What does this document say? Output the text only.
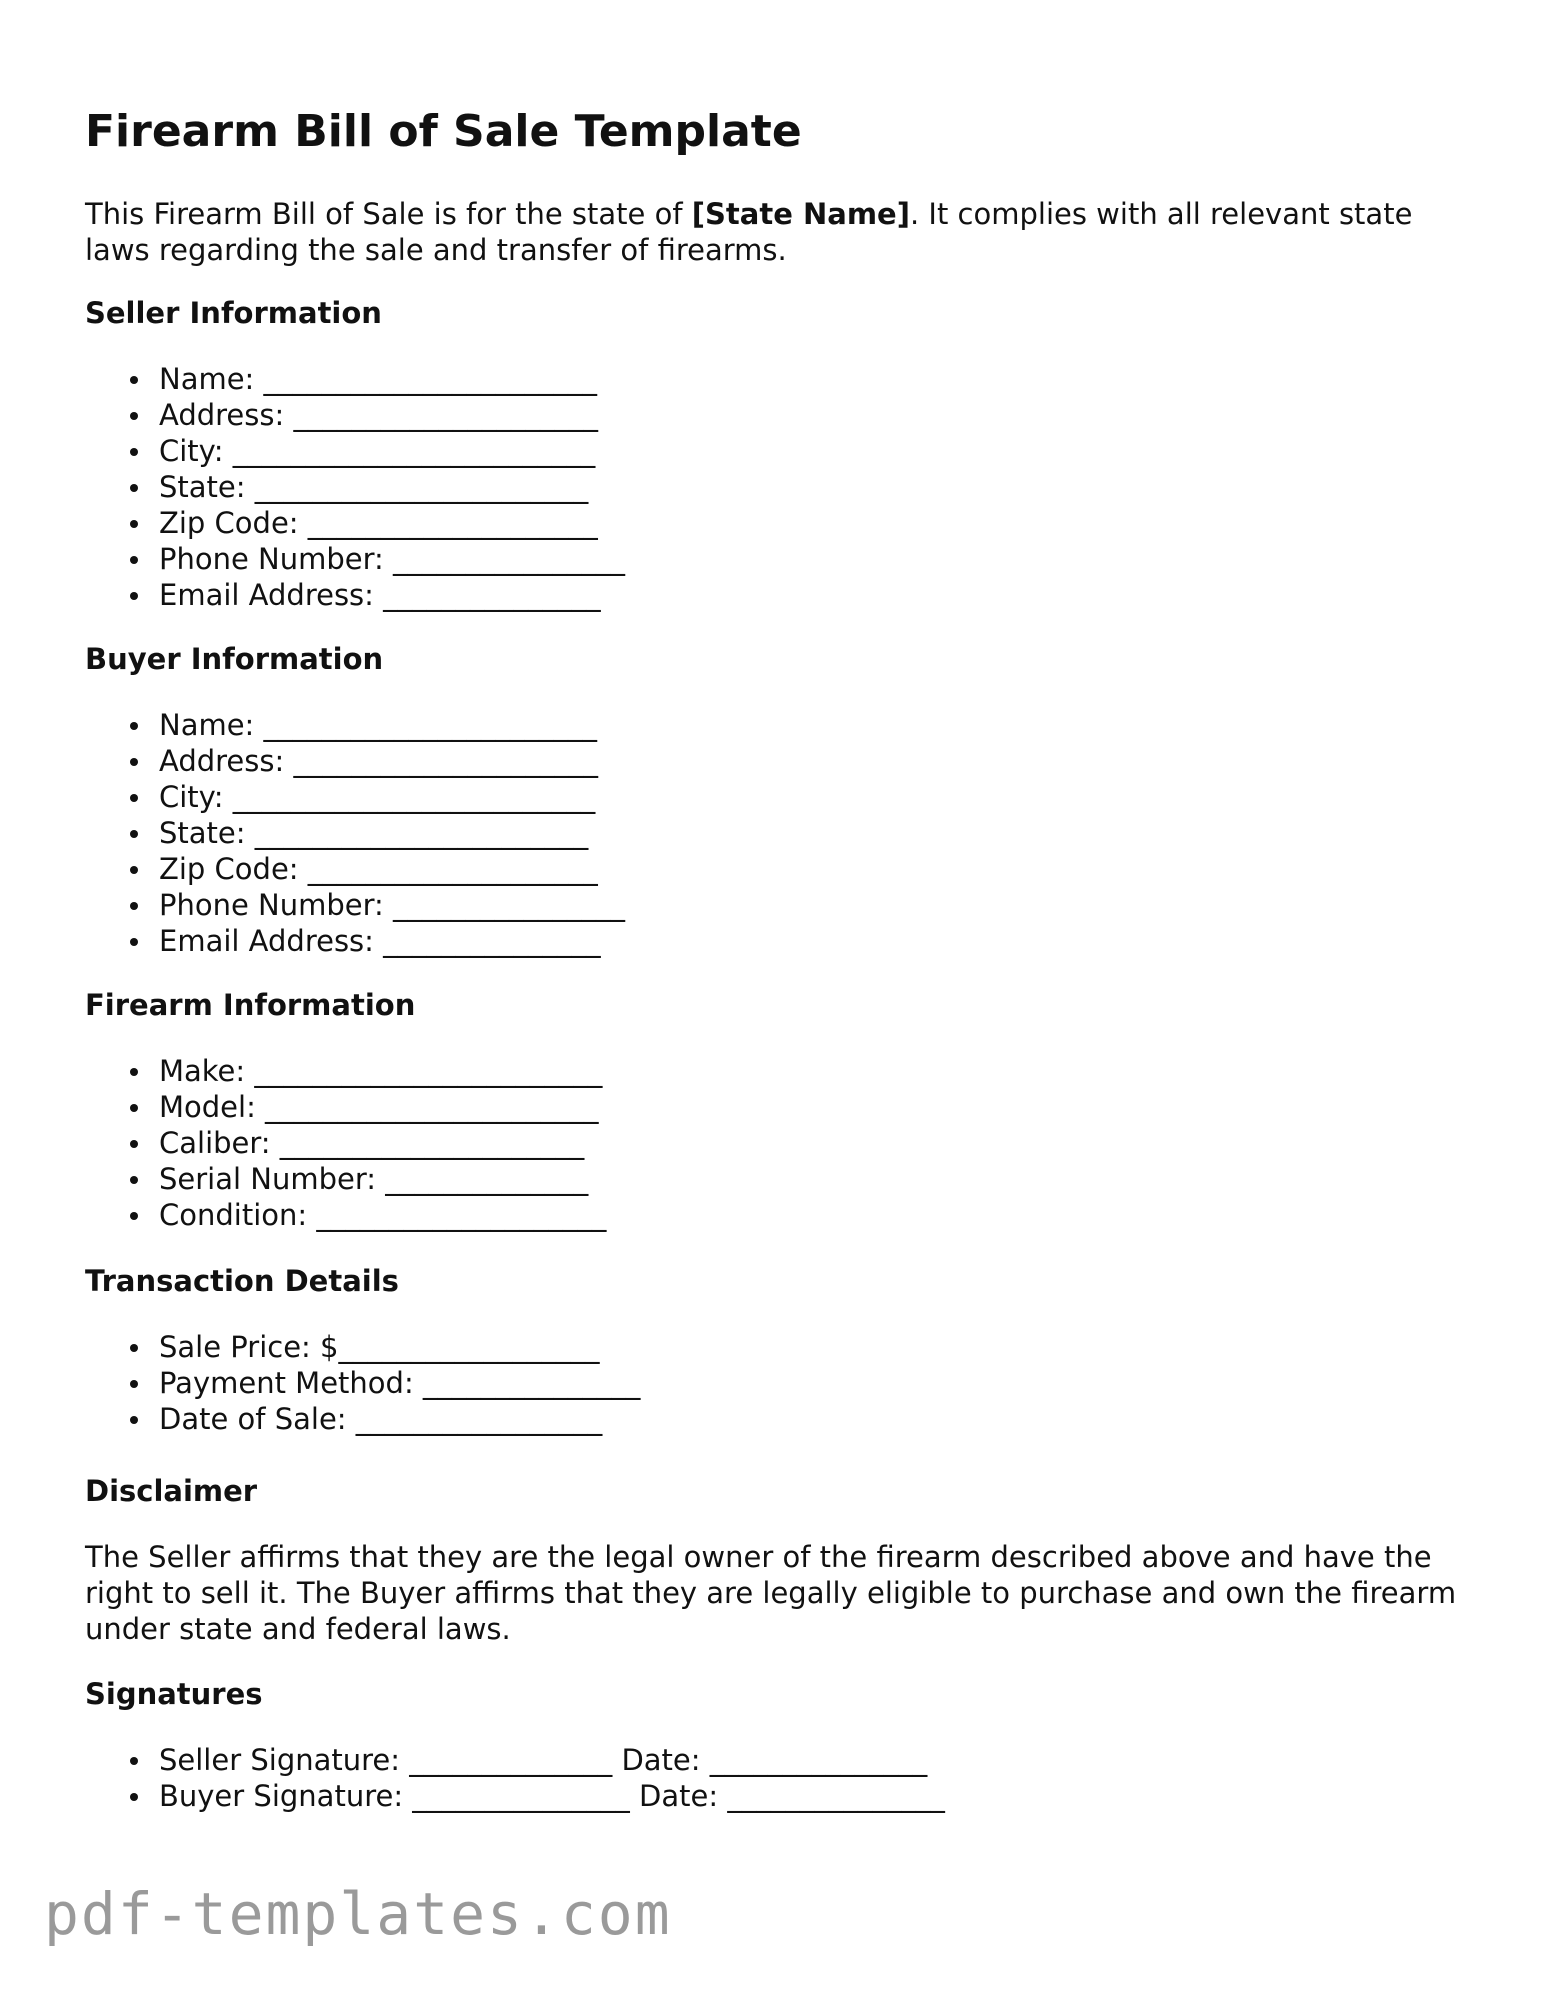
Firearm Bill of Sale Template

This Firearm Bill of Sale is for the state of [State Name]. It complies with all relevant state laws regarding the sale and transfer of firearms.

Seller Information
Name: _______________________
Address: _____________________
City: _________________________
State: _______________________
Zip Code: ____________________
Phone Number: ________________
Email Address: _______________
Buyer Information
Name: _______________________
Address: _____________________
City: _________________________
State: _______________________
Zip Code: ____________________
Phone Number: ________________
Email Address: _______________
Firearm Information
Make: ________________________
Model: _______________________
Caliber: _____________________
Serial Number: ______________
Condition: ____________________
Transaction Details
Sale Price: $__________________
Payment Method: _______________
Date of Sale: _________________
Disclaimer

The Seller affirms that they are the legal owner of the firearm described above and have the right to sell it. The Buyer affirms that they are legally eligible to purchase and own the firearm under state and federal laws.

Signatures
Seller Signature: ______________ Date: _______________
Buyer Signature: _______________ Date: _______________
pdf-templates.com
